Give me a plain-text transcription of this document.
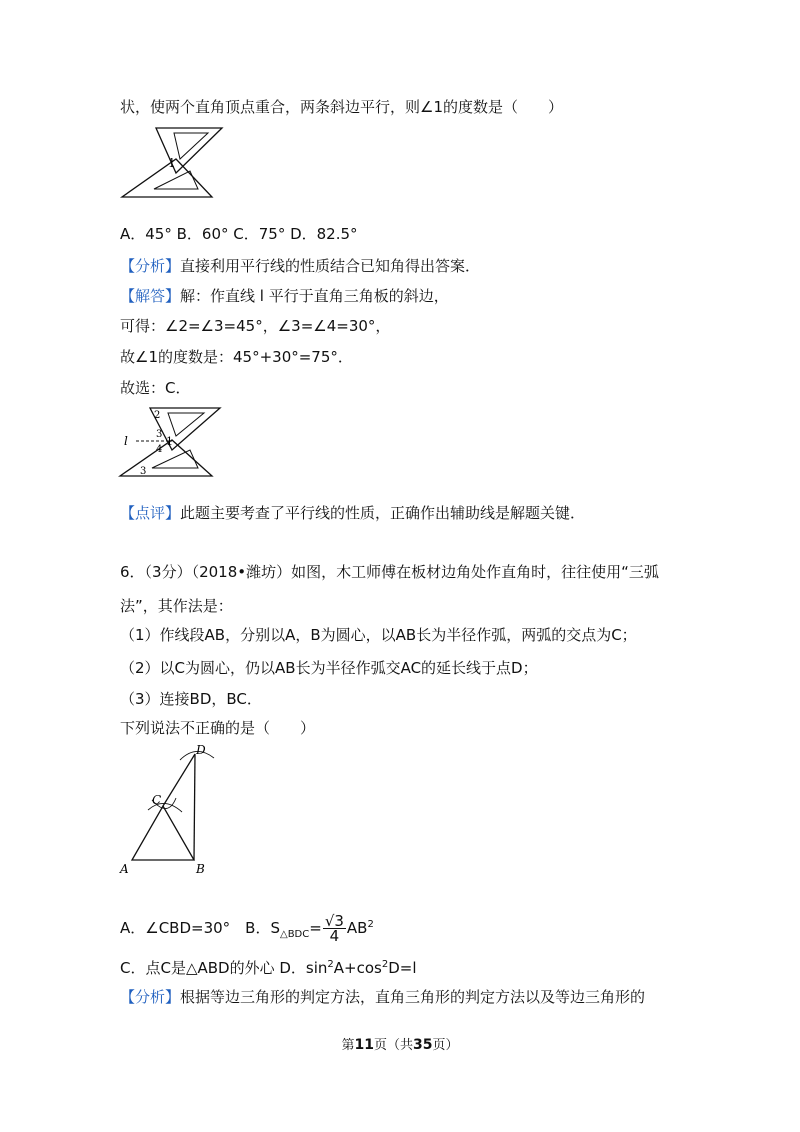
状，使两个直角顶点重合，两条斜边平行，则∠1的度数是（　　）
1
A．45° B．60° C．75° D．82.5°
【分析】直接利用平行线的性质结合已知角得出答案．
【解答】解：作直线 l 平行于直角三角板的斜边，
可得：∠2=∠3=45°，∠3=∠4=30°，
故∠1的度数是：45°+30°=75°．
故选：C．
l
2
3
4
1
3
【点评】此题主要考查了平行线的性质，正确作出辅助线是解题关键．
6．（3分）（2018•潍坊）如图，木工师傅在板材边角处作直角时，往往使用“三弧
法”，其作法是：
（1）作线段AB，分别以A，B为圆心，以AB长为半径作弧，两弧的交点为C；
（2）以C为圆心，仍以AB长为半径作弧交AC的延长线于点D；
（3）连接BD，BC．
下列说法不正确的是（　　）
A	B
C
D
A．∠CBD=30°　B．$S_{\triangle BDC}= \frac{√3}{4} AB^2$
C．点C是△ABD的外心 D．$\sin^2A+\cos^2D=l$
【分析】根据等边三角形的判定方法，直角三角形的判定方法以及等边三角形的
第11页（共35页）
